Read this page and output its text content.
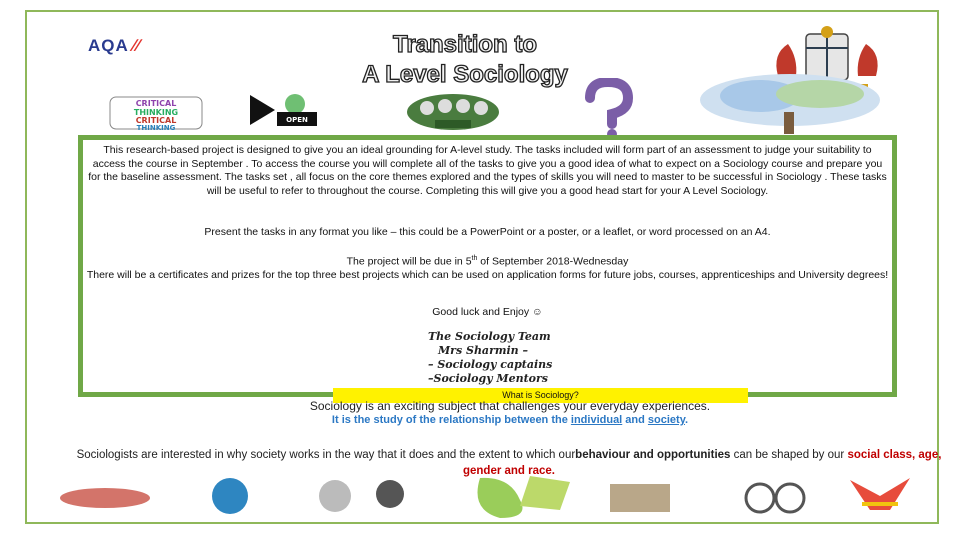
AQA ∕∕	Transition to
A Level Sociology
CRITICAL
THINKING
CRITICAL
THINKING
OPEN

This research-based project is designed to give you an ideal grounding for A-level study. The tasks included will form part of an assessment to judge your suitability to access the course in September . To access the course you will complete all of the tasks to give you a good idea of what to expect on a Sociology course and prepare you for the baseline assessment. The tasks set , all focus on the core themes explored and the types of skills you will need to master to be successful in Sociology . These tasks will be useful to refer to throughout the course. Completing this will give you a good head start for your A Level Sociology.

Present the tasks in any format you like – this could be a PowerPoint or a poster, or a leaflet, or word processed on an A4.

The project will be due in 5th of September 2018-Wednesday
There will be a certificates and prizes for the top three best projects which can be used on application forms for future jobs, courses, apprenticeships and University degrees!

Good luck and Enjoy ☺

The Sociology Team
Mrs Sharmin –
– Sociology captains
–Sociology Mentors
What is Sociology?
Sociology is an exciting subject that challenges your everyday experiences.
It is the study of the relationship between the individual and society.
Sociologists are interested in why society works in the way that it does and the extent to which ourbehaviour and opportunities can be shaped by our social class, age,
gender and race.
